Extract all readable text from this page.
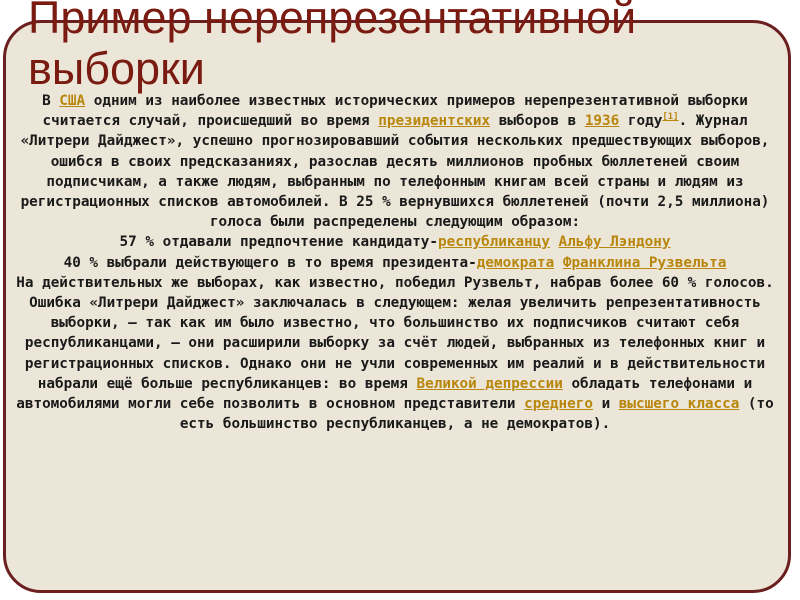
Пример нерепрезентативной выборки
В США одним из наиболее известных исторических примеров нерепрезентативной выборки считается случай, происшедший во время президентских выборов в 1936 году[1]. Журнал «Литрери Дайджест», успешно прогнозировавший события нескольких предшествующих выборов, ошибся в своих предсказаниях, разослав десять миллионов пробных бюллетеней своим подписчикам, а также людям, выбранным по телефонным книгам всей страны и людям из регистрационных списков автомобилей. В 25 % вернувшихся бюллетеней (почти 2,5 миллиона) голоса были распределены следующим образом:
57 % отдавали предпочтение кандидату-республиканцу Альфу Лэндону
40 % выбрали действующего в то время президента-демократа Франклина Рузвельта
На действительных же выборах, как известно, победил Рузвельт, набрав более 60 % голосов. Ошибка «Литрери Дайджест» заключалась в следующем: желая увеличить репрезентативность выборки, — так как им было известно, что большинство их подписчиков считают себя республиканцами, — они расширили выборку за счёт людей, выбранных из телефонных книг и регистрационных списков. Однако они не учли современных им реалий и в действительности набрали ещё больше республиканцев: во время Великой депрессии обладать телефонами и автомобилями могли себе позволить в основном представители среднего и высшего класса (то есть большинство республиканцев, а не демократов).
